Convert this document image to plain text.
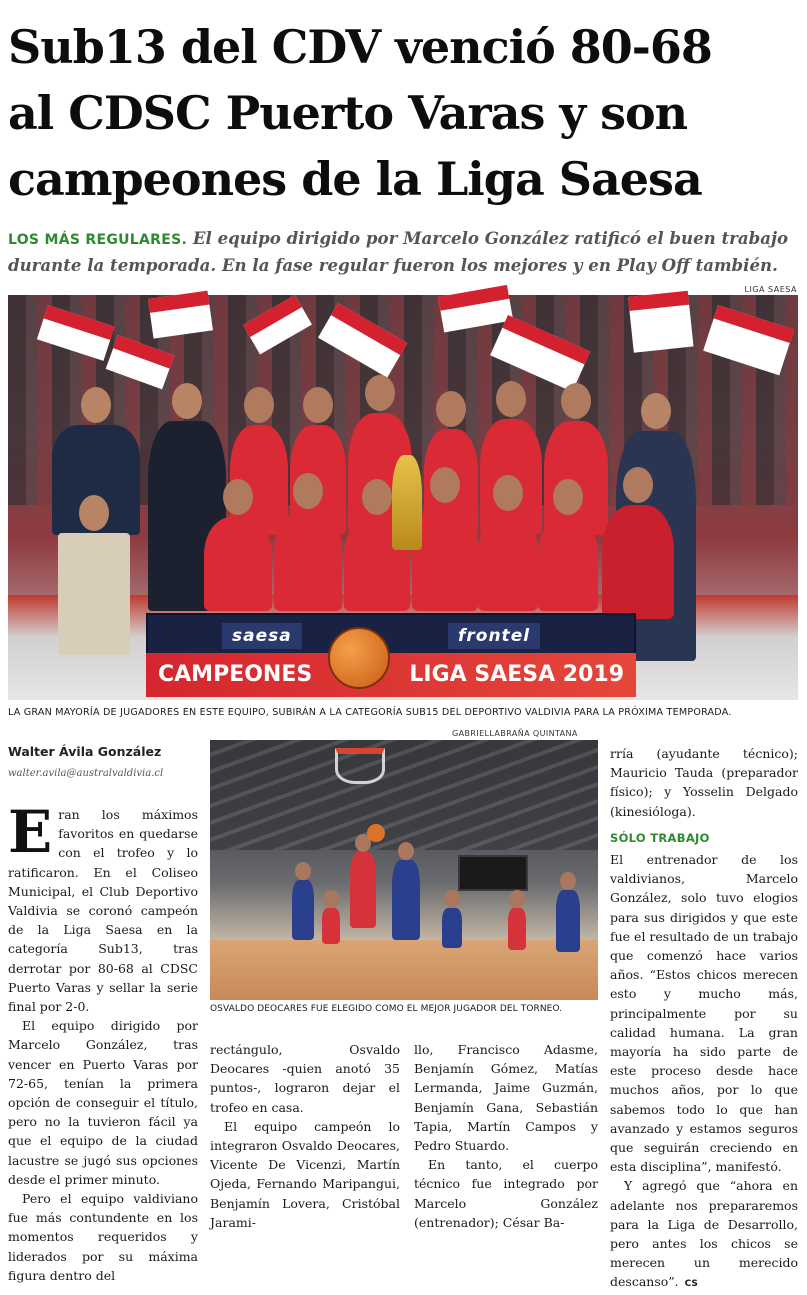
Sub13 del CDV venció 80-68
al CDSC Puerto Varas y son
campeones de la Liga Saesa
LOS MÁS REGULARES. El equipo dirigido por Marcelo González ratificó el buen trabajo durante la temporada. En la fase regular fueron los mejores y en Play Off también.
LIGA SAESA
saesa	frontel
CAMPEONES	LIGA SAESA 2019
LA GRAN MAYORÍA DE JUGADORES EN ESTE EQUIPO, SUBIRÁN A LA CATEGORÍA SUB15 DEL DEPORTIVO VALDIVIA PARA LA PRÓXIMA TEMPORADA.
Walter Ávila González
walter.avila@australvaldivia.cl

Eran los máximos favoritos en quedarse con el trofeo y lo ratificaron. En el Coliseo Municipal, el Club Deportivo Valdivia se coronó campeón de la Liga Saesa en la categoría Sub13, tras derrotar por 80-68 al CDSC Puerto Varas y sellar la serie final por 2-0.

El equipo dirigido por Marcelo González, tras vencer en Puerto Varas por 72-65, tenían la primera opción de conseguir el título, pero no la tuvieron fácil ya que el equipo de la ciudad lacustre se jugó sus opciones desde el primer minuto.

Pero el equipo valdiviano fue más contundente en los momentos requeridos y liderados por su máxima figura dentro del

GABRIELLABRAÑA QUINTANA
OSVALDO DEOCARES FUE ELEGIDO COMO EL MEJOR JUGADOR DEL TORNEO.

rectángulo, Osvaldo Deocares -quien anotó 35 puntos-, lograron dejar el trofeo en casa.

El equipo campeón lo integraron Osvaldo Deocares, Vicente De Vicenzi, Martín Ojeda, Fernando Maripangui, Benjamín Lovera, Cristóbal Jarami-

llo, Francisco Adasme, Benjamín Gómez, Matías Lermanda, Jaime Guzmán, Benjamín Gana, Sebastián Tapia, Martín Campos y Pedro Stuardo.

En tanto, el cuerpo técnico fue integrado por Marcelo González (entrenador); César Ba-

rría (ayudante técnico); Mauricio Tauda (preparador físico); y Yosselin Delgado (kinesióloga).

SÓLO TRABAJO

El entrenador de los valdivianos, Marcelo González, solo tuvo elogios para sus dirigidos y que este fue el resultado de un trabajo que comenzó hace varios años. “Estos chicos merecen esto y mucho más, principalmente por su calidad humana. La gran mayoría ha sido parte de este proceso desde hace muchos años, por lo que sabemos todo lo que han avanzado y estamos seguros que seguirán creciendo en esta disciplina”, manifestó.

Y agregó que “ahora en adelante nos prepararemos para la Liga de Desarrollo, pero antes los chicos se merecen un merecido descanso”. CS
